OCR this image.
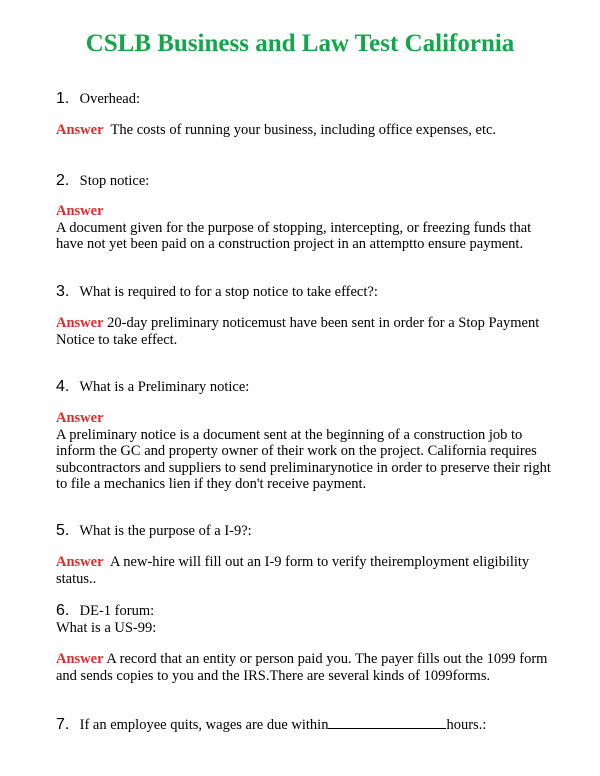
CSLB Business and Law Test California
1. Overhead:
Answer The costs of running your business, including office expenses, etc.
2. Stop notice:
Answer
A document given for the purpose of stopping, intercepting, or freezing funds that have not yet been paid on a construction project in an attemptto ensure payment.
3. What is required to for a stop notice to take effect?:
Answer 20-day preliminary noticemust have been sent in order for a Stop Payment Notice to take effect.
4. What is a Preliminary notice:
Answer
A preliminary notice is a document sent at the beginning of a construction job to inform the GC and property owner of their work on the project. California requires subcontractors and suppliers to send preliminarynotice in order to preserve their right to file a mechanics lien if they don't receive payment.
5. What is the purpose of a I-9?:
Answer A new-hire will fill out an I-9 form to verify theiremployment eligibility status..
6. DE-1 forum:
What is a US-99:
Answer A record that an entity or person paid you. The payer fills out the 1099 form and sends copies to you and the IRS.There are several kinds of 1099forms.
7. If an employee quits, wages are due within	hours.:
